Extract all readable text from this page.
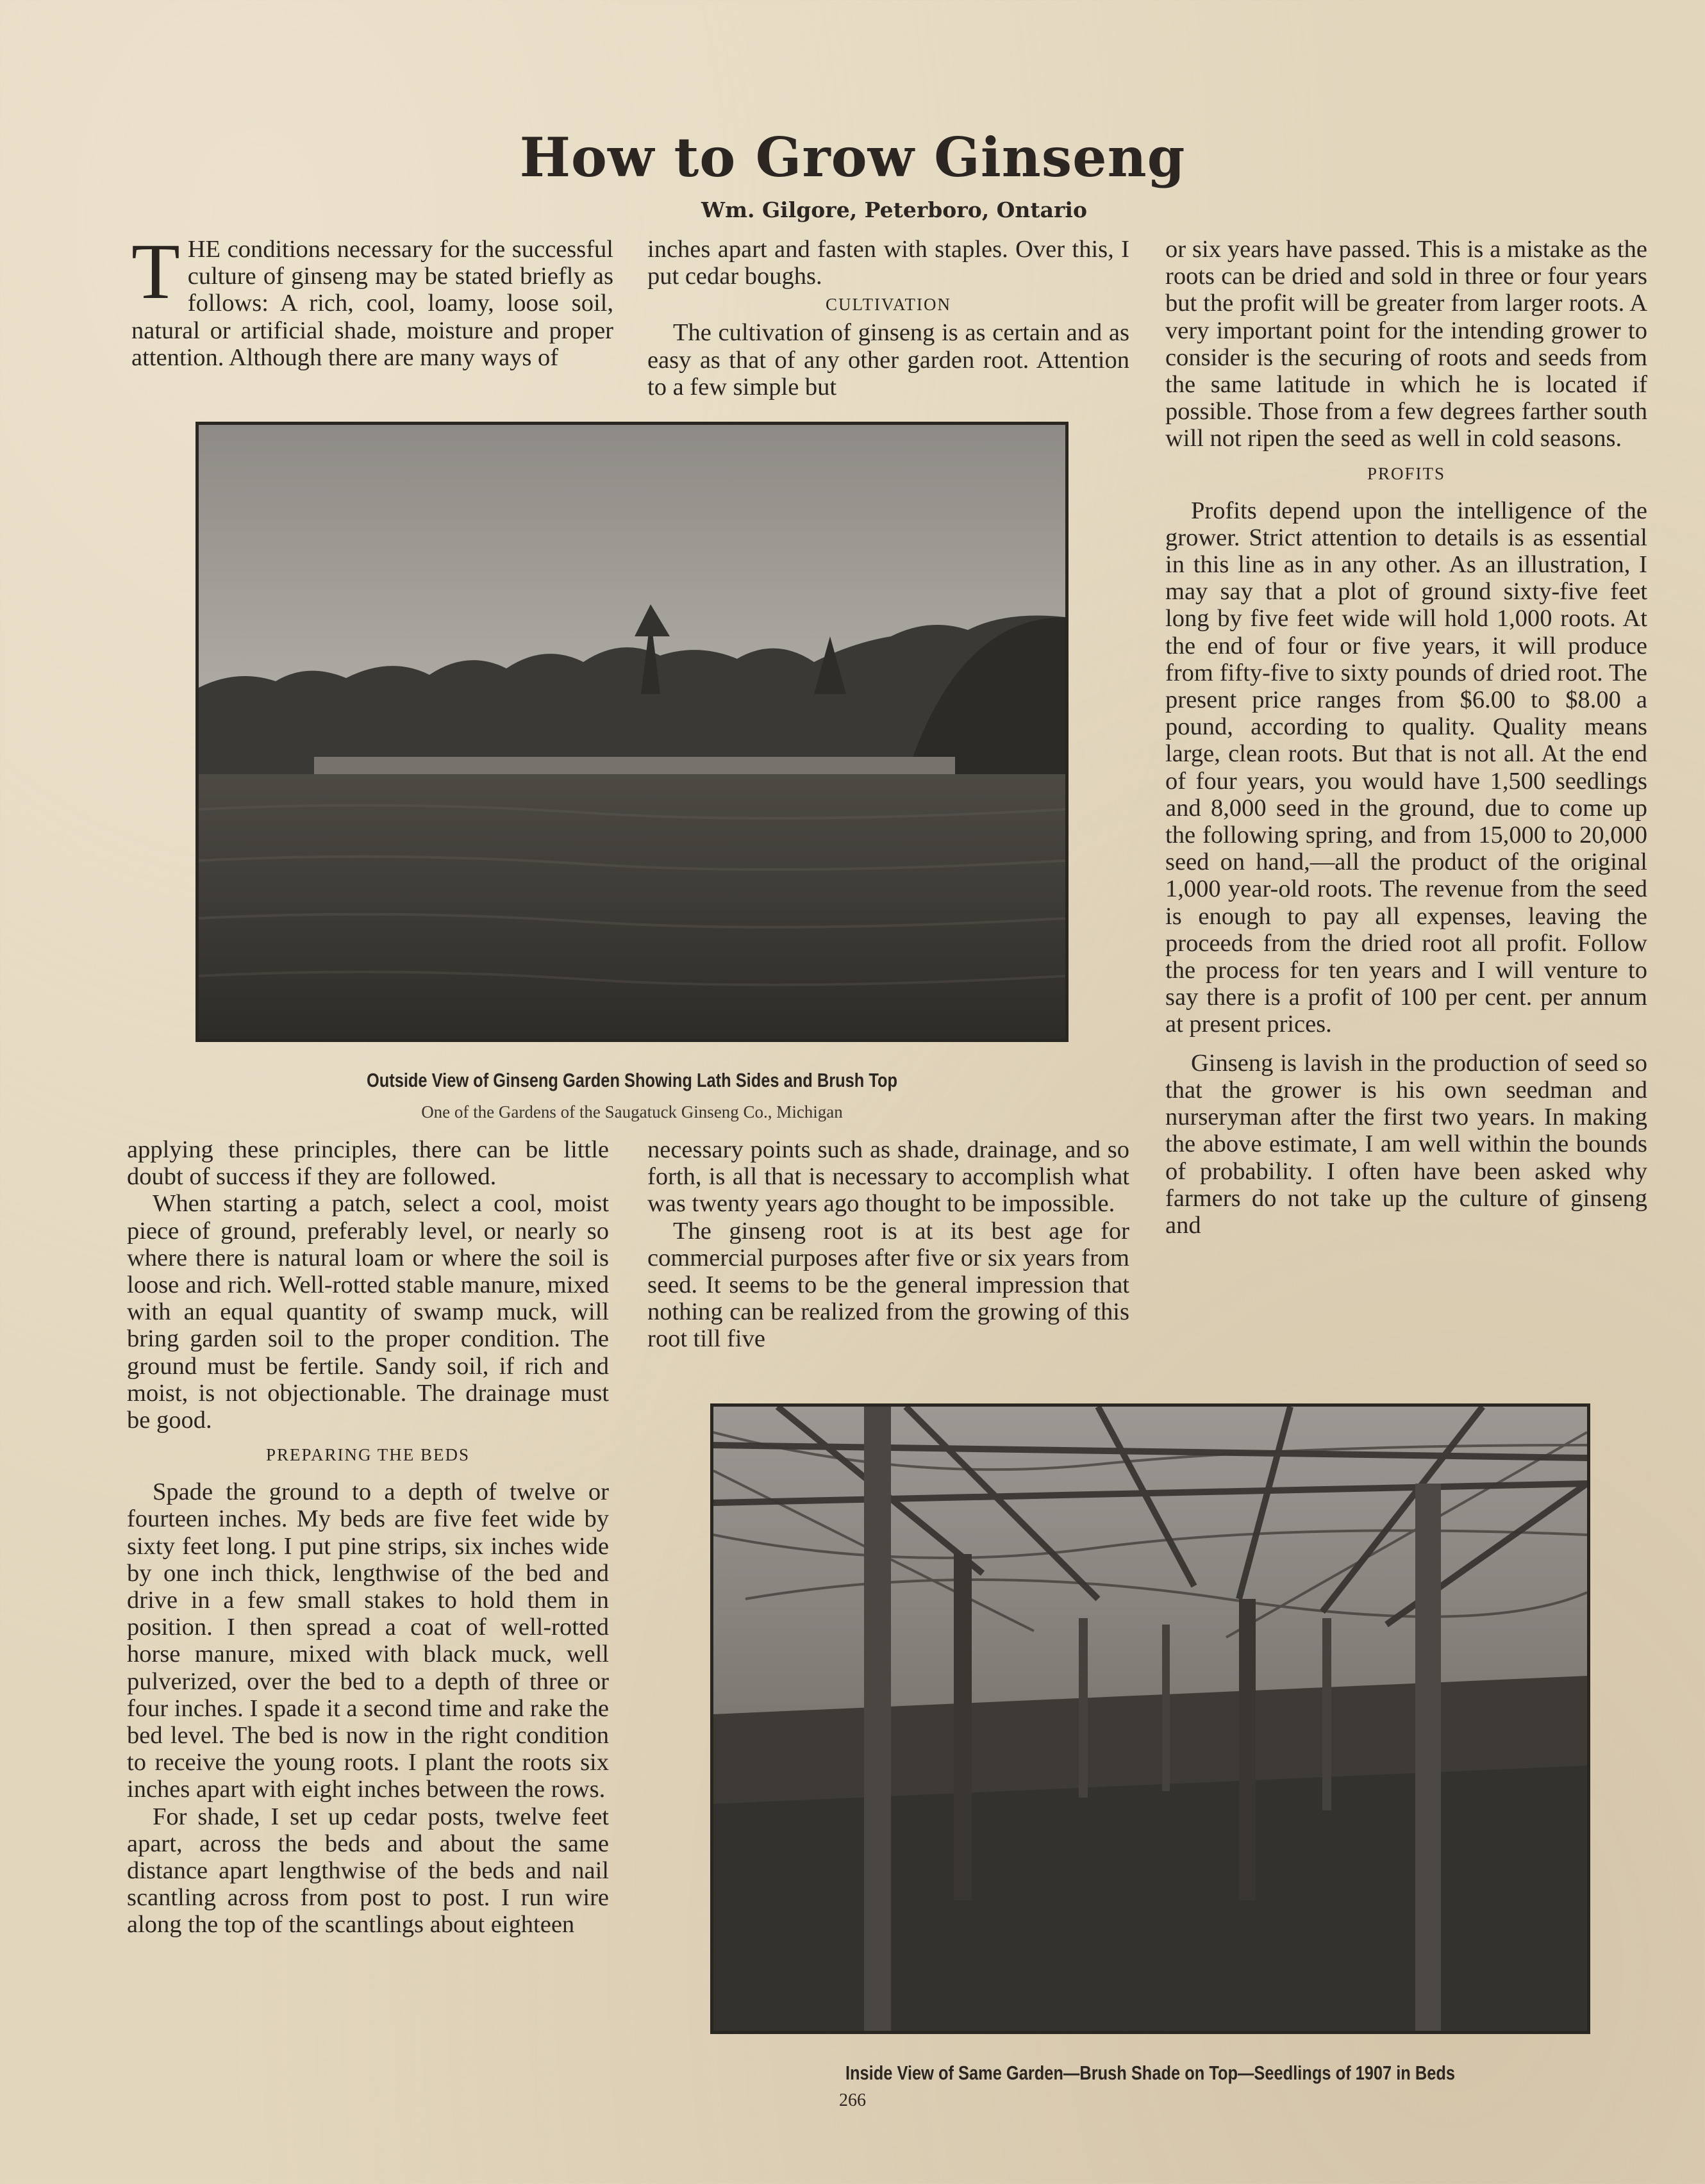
How to Grow Ginseng
Wm. Gilgore, Peterboro, Ontario
T HE conditions necessary for the successful culture of ginseng may be stated briefly as follows: A rich, cool, loamy, loose soil, natural or artificial shade, moisture and proper attention. Although there are many ways of

inches apart and fasten with staples. Over this, I put cedar boughs.

CULTIVATION

The cultivation of ginseng is as certain and as easy as that of any other garden root. Attention to a few simple but

or six years have passed. This is a mistake as the roots can be dried and sold in three or four years but the profit will be greater from larger roots. A very important point for the intending grower to consider is the securing of roots and seeds from the same latitude in which he is located if possible. Those from a few degrees farther south will not ripen the seed as well in cold seasons.

PROFITS

Profits depend upon the intelligence of the grower. Strict attention to details is as essential in this line as in any other. As an illustration, I may say that a plot of ground sixty-five feet long by five feet wide will hold 1,000 roots. At the end of four or five years, it will produce from fifty-five to sixty pounds of dried root. The present price ranges from $6.00 to $8.00 a pound, according to quality. Quality means large, clean roots. But that is not all. At the end of four years, you would have 1,500 seedlings and 8,000 seed in the ground, due to come up the following spring, and from 15,000 to 20,000 seed on hand,—all the product of the original 1,000 year-old roots. The revenue from the seed is enough to pay all expenses, leaving the proceeds from the dried root all profit. Follow the process for ten years and I will venture to say there is a profit of 100 per cent. per annum at present prices.

Ginseng is lavish in the production of seed so that the grower is his own seedman and nurseryman after the first two years. In making the above estimate, I am well within the bounds of probability. I often have been asked why farmers do not take up the culture of ginseng and

Outside View of Ginseng Garden Showing Lath Sides and Brush Top
One of the Gardens of the Saugatuck Ginseng Co., Michigan

applying these principles, there can be little doubt of success if they are followed.

When starting a patch, select a cool, moist piece of ground, preferably level, or nearly so where there is natural loam or where the soil is loose and rich. Well-rotted stable manure, mixed with an equal quantity of swamp muck, will bring garden soil to the proper condition. The ground must be fertile. Sandy soil, if rich and moist, is not objectionable. The drainage must be good.

PREPARING THE BEDS

Spade the ground to a depth of twelve or fourteen inches. My beds are five feet wide by sixty feet long. I put pine strips, six inches wide by one inch thick, lengthwise of the bed and drive in a few small stakes to hold them in position. I then spread a coat of well-rotted horse manure, mixed with black muck, well pulverized, over the bed to a depth of three or four inches. I spade it a second time and rake the bed level. The bed is now in the right condition to receive the young roots. I plant the roots six inches apart with eight inches between the rows.

For shade, I set up cedar posts, twelve feet apart, across the beds and about the same distance apart lengthwise of the beds and nail scantling across from post to post. I run wire along the top of the scantlings about eighteen

necessary points such as shade, drainage, and so forth, is all that is necessary to accomplish what was twenty years ago thought to be impossible.

The ginseng root is at its best age for commercial purposes after five or six years from seed. It seems to be the general impression that nothing can be realized from the growing of this root till five

Inside View of Same Garden—Brush Shade on Top—Seedlings of 1907 in Beds
266
